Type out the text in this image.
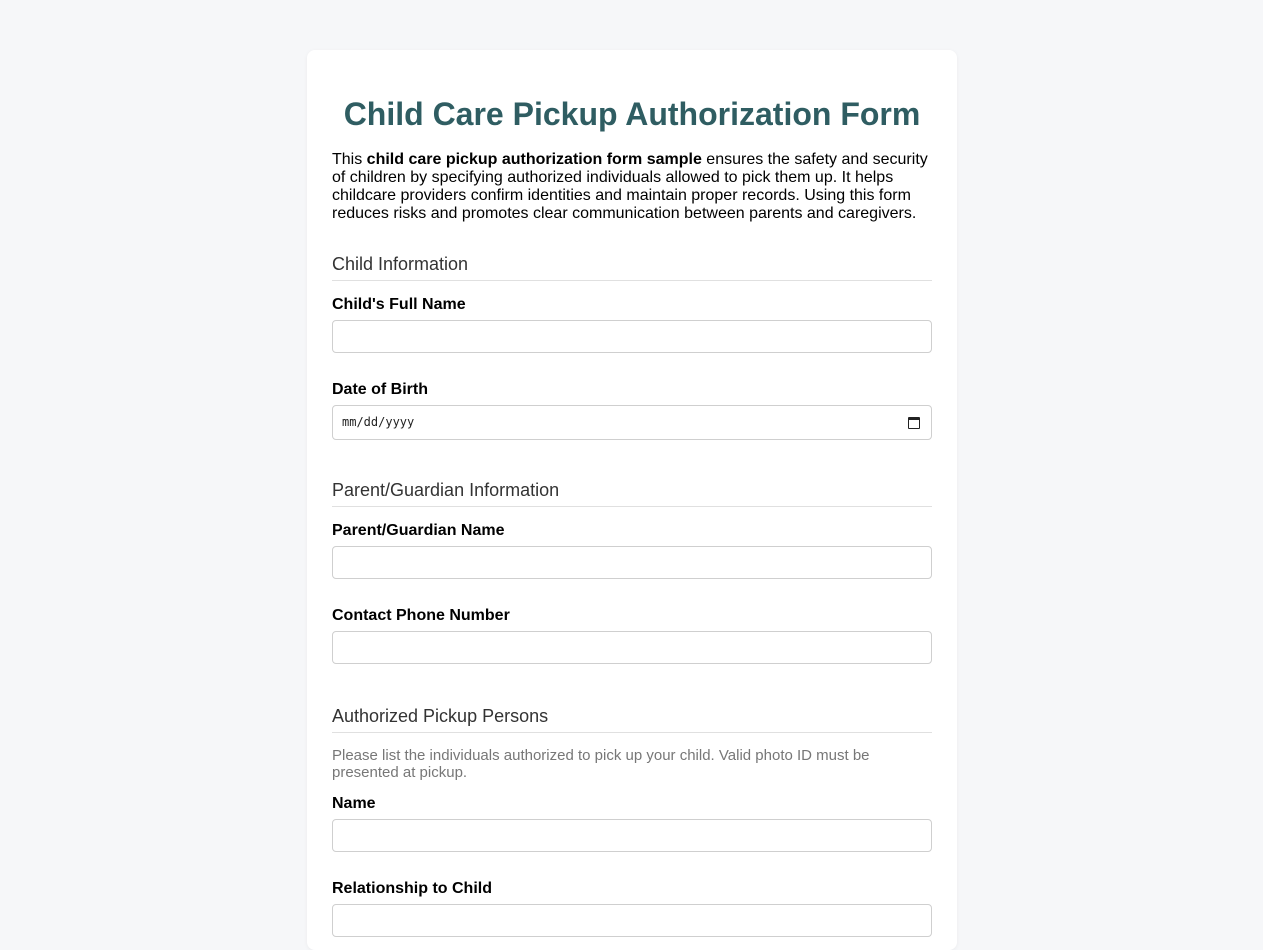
Child Care Pickup Authorization Form

This child care pickup authorization form sample ensures the safety and security of children by specifying authorized individuals allowed to pick them up. It helps childcare providers confirm identities and maintain proper records. Using this form reduces risks and promotes clear communication between parents and caregivers.

Child Information
Child's Full Name
Date of Birth
mm/dd/yyyy
Parent/Guardian Information
Parent/Guardian Name
Contact Phone Number
Authorized Pickup Persons

Please list the individuals authorized to pick up your child. Valid photo ID must be presented at pickup.

Name
Relationship to Child
